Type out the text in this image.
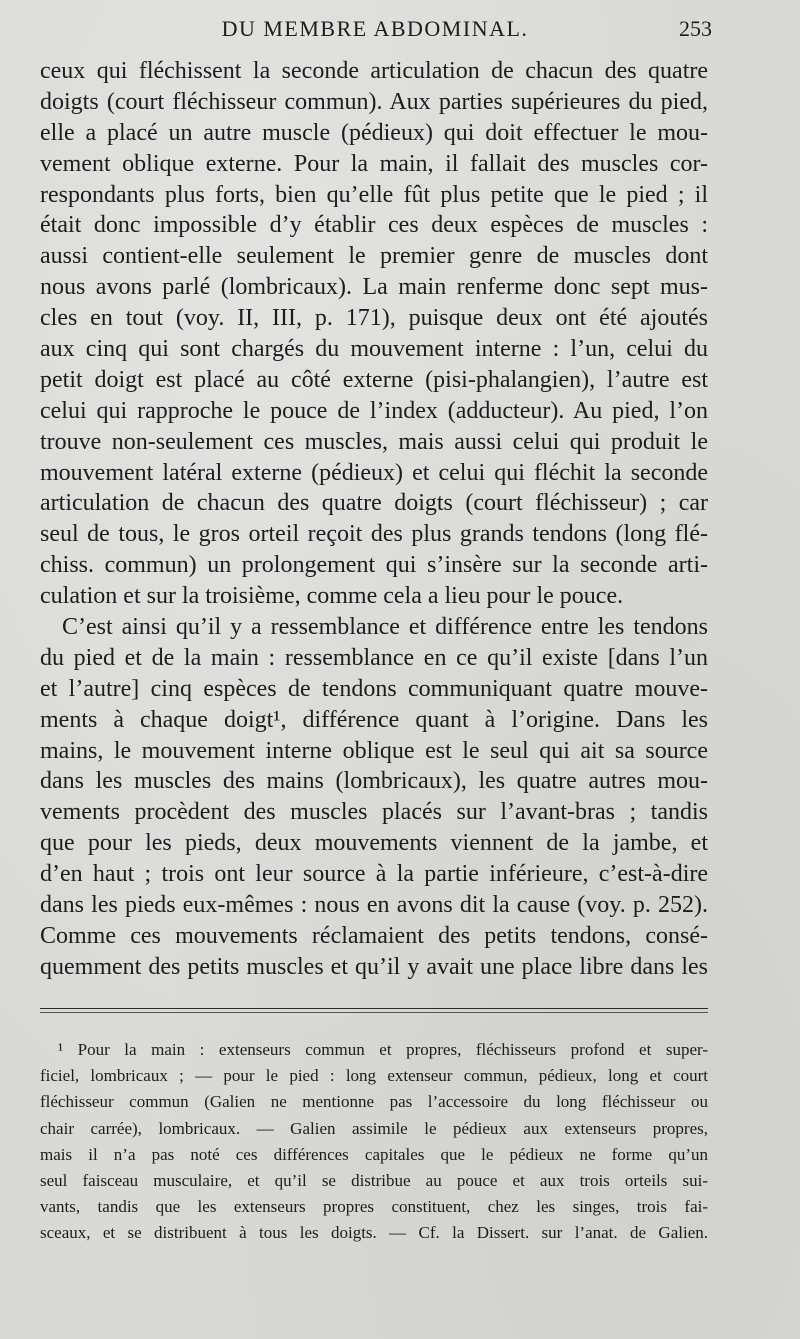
DU MEMBRE ABDOMINAL.	253
ceux qui fléchissent la seconde articulation de chacun des quatre
doigts (court fléchisseur commun). Aux parties supérieures du pied,
elle a placé un autre muscle (pédieux) qui doit effectuer le mou-
vement oblique externe. Pour la main, il fallait des muscles cor-
respondants plus forts, bien qu’elle fût plus petite que le pied ; il
était donc impossible d’y établir ces deux espèces de muscles :
aussi contient-elle seulement le premier genre de muscles dont
nous avons parlé (lombricaux). La main renferme donc sept mus-
cles en tout (voy. II, III, p. 171), puisque deux ont été ajoutés
aux cinq qui sont chargés du mouvement interne : l’un, celui du
petit doigt est placé au côté externe (pisi-phalangien), l’autre est
celui qui rapproche le pouce de l’index (adducteur). Au pied, l’on
trouve non-seulement ces muscles, mais aussi celui qui produit le
mouvement latéral externe (pédieux) et celui qui fléchit la seconde
articulation de chacun des quatre doigts (court fléchisseur) ; car
seul de tous, le gros orteil reçoit des plus grands tendons (long flé-
chiss. commun) un prolongement qui s’insère sur la seconde arti-
culation et sur la troisième, comme cela a lieu pour le pouce.
C’est ainsi qu’il y a ressemblance et différence entre les tendons
du pied et de la main : ressemblance en ce qu’il existe [dans l’un
et l’autre] cinq espèces de tendons communiquant quatre mouve-
ments à chaque doigt¹, différence quant à l’origine. Dans les
mains, le mouvement interne oblique est le seul qui ait sa source
dans les muscles des mains (lombricaux), les quatre autres mou-
vements procèdent des muscles placés sur l’avant-bras ; tandis
que pour les pieds, deux mouvements viennent de la jambe, et
d’en haut ; trois ont leur source à la partie inférieure, c’est-à-dire
dans les pieds eux-mêmes : nous en avons dit la cause (voy. p. 252).
Comme ces mouvements réclamaient des petits tendons, consé-
quemment des petits muscles et qu’il y avait une place libre dans les
¹ Pour la main : extenseurs commun et propres, fléchisseurs profond et super-
ficiel, lombricaux ; — pour le pied : long extenseur commun, pédieux, long et court
fléchisseur commun (Galien ne mentionne pas l’accessoire du long fléchisseur ou
chair carrée), lombricaux. — Galien assimile le pédieux aux extenseurs propres,
mais il n’a pas noté ces différences capitales que le pédieux ne forme qu’un
seul faisceau musculaire, et qu’il se distribue au pouce et aux trois orteils sui-
vants, tandis que les extenseurs propres constituent, chez les singes, trois fai-
sceaux, et se distribuent à tous les doigts. — Cf. la Dissert. sur l’anat. de Galien.
